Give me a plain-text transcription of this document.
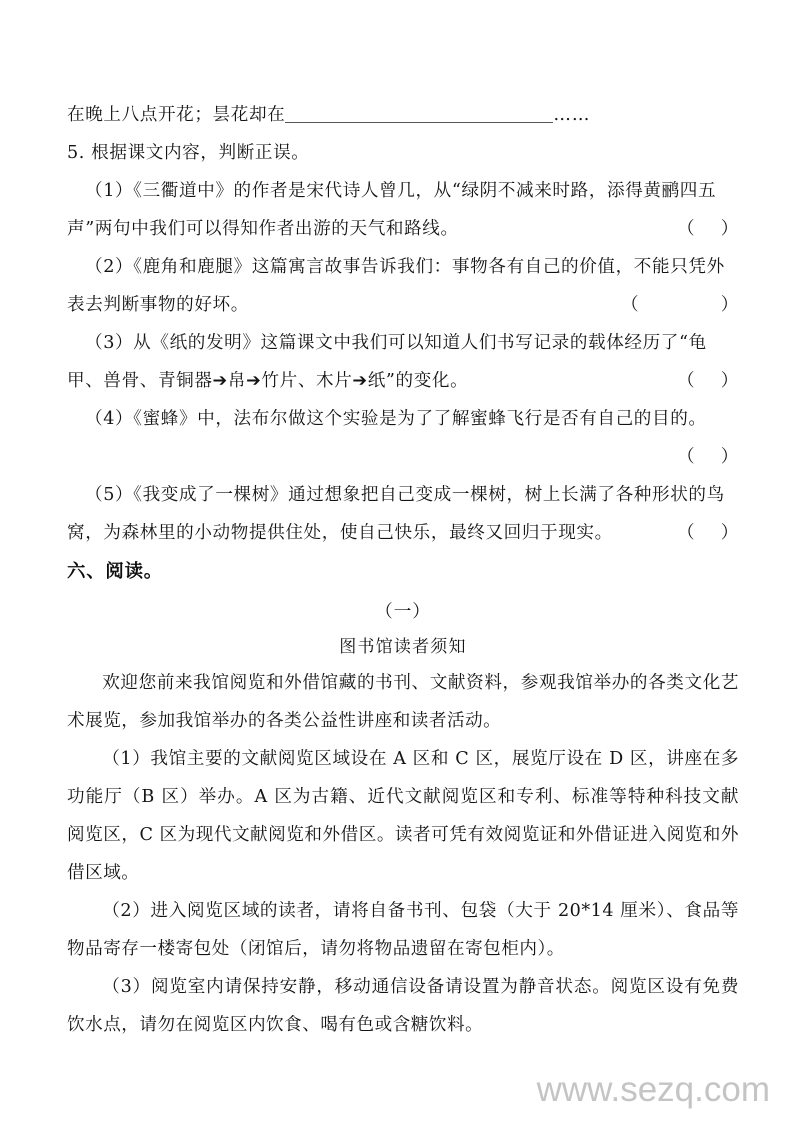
在晚上八点开花；昙花却在	……
5. 根据课文内容，判断正误。
（1）《三衢道中》的作者是宋代诗人曾几，从“绿阴不减来时路，添得黄鹂四五
声”两句中我们可以得知作者出游的天气和路线。	（ ）
（2）《鹿角和鹿腿》这篇寓言故事告诉我们：事物各有自己的价值，不能只凭外
表去判断事物的好坏。	（	）
（3）从《纸的发明》这篇课文中我们可以知道人们书写记录的载体经历了“龟
甲、兽骨、青铜器➔帛➔竹片、木片➔纸”的变化。	（ ）
（4）《蜜蜂》中，法布尔做这个实验是为了了解蜜蜂飞行是否有自己的目的。
（ ）
（5）《我变成了一棵树》通过想象把自己变成一棵树，树上长满了各种形状的鸟
窝，为森林里的小动物提供住处，使自己快乐，最终又回归于现实。	（ ）
六、阅读。
（一）
图书馆读者须知
欢迎您前来我馆阅览和外借馆藏的书刊、文献资料，参观我馆举办的各类文化艺术展览，参加我馆举办的各类公益性讲座和读者活动。
（1）我馆主要的文献阅览区域设在 A 区和 C 区，展览厅设在 D 区，讲座在多功能厅（B 区）举办。A 区为古籍、近代文献阅览区和专利、标准等特种科技文献阅览区，C 区为现代文献阅览和外借区。读者可凭有效阅览证和外借证进入阅览和外借区域。
（2）进入阅览区域的读者，请将自备书刊、包袋（大于 20*14 厘米）、食品等物品寄存一楼寄包处（闭馆后，请勿将物品遗留在寄包柜内）。
（3）阅览室内请保持安静，移动通信设备请设置为静音状态。阅览区设有免费饮水点，请勿在阅览区内饮食、喝有色或含糖饮料。
www.sezq.com
